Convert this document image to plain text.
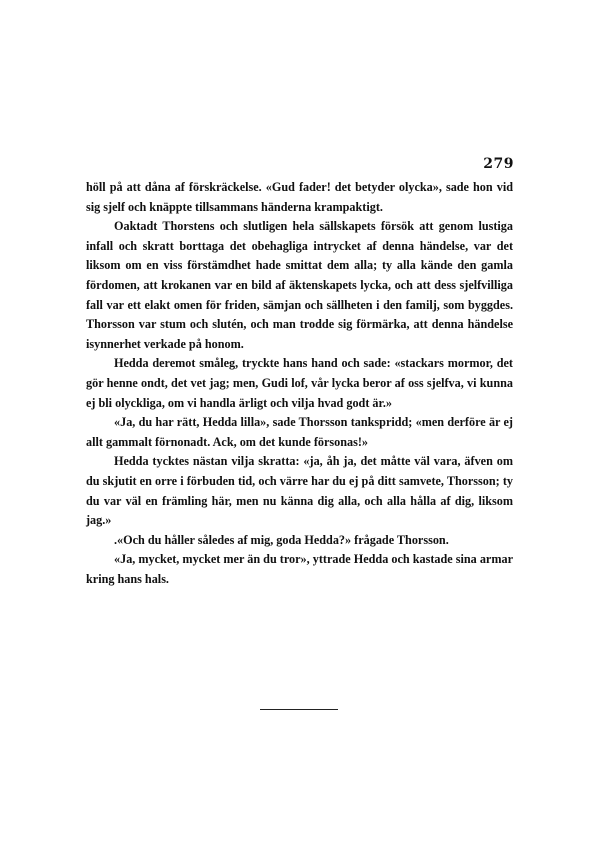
279

höll på att dåna af förskräckelse. «Gud fader! det betyder olycka», sade hon vid sig sjelf och knäppte tillsammans händerna krampaktigt.

Oaktadt Thorstens och slutligen hela sällskapets försök att genom lustiga infall och skratt borttaga det obehagliga intrycket af denna händelse, var det liksom om en viss förstämdhet hade smittat dem alla; ty alla kände den gamla fördomen, att krokanen var en bild af äktenskapets lycka, och att dess sjelfvilliga fall var ett elakt omen för friden, sämjan och sällheten i den familj, som byggdes. Thorsson var stum och slutén, och man trodde sig förmärka, att denna händelse isynnerhet verkade på honom.

Hedda deremot småleg, tryckte hans hand och sade: «stackars mormor, det gör henne ondt, det vet jag; men, Gudi lof, vår lycka beror af oss sjelfva, vi kunna ej bli olyckliga, om vi handla ärligt och vilja hvad godt är.»

«Ja, du har rätt, Hedda lilla», sade Thorsson tankspridd; «men derföre är ej allt gammalt förnonadt. Ack, om det kunde försonas!»

Hedda tycktes nästan vilja skratta: «ja, åh ja, det måtte väl vara, äfven om du skjutit en orre i förbuden tid, och värre har du ej på ditt samvete, Thorsson; ty du var väl en främling här, men nu känna dig alla, och alla hålla af dig, liksom jag.»

.«Och du håller således af mig, goda Hedda?» frågade Thorsson.

«Ja, mycket, mycket mer än du tror», yttrade Hedda och kastade sina armar kring hans hals.
